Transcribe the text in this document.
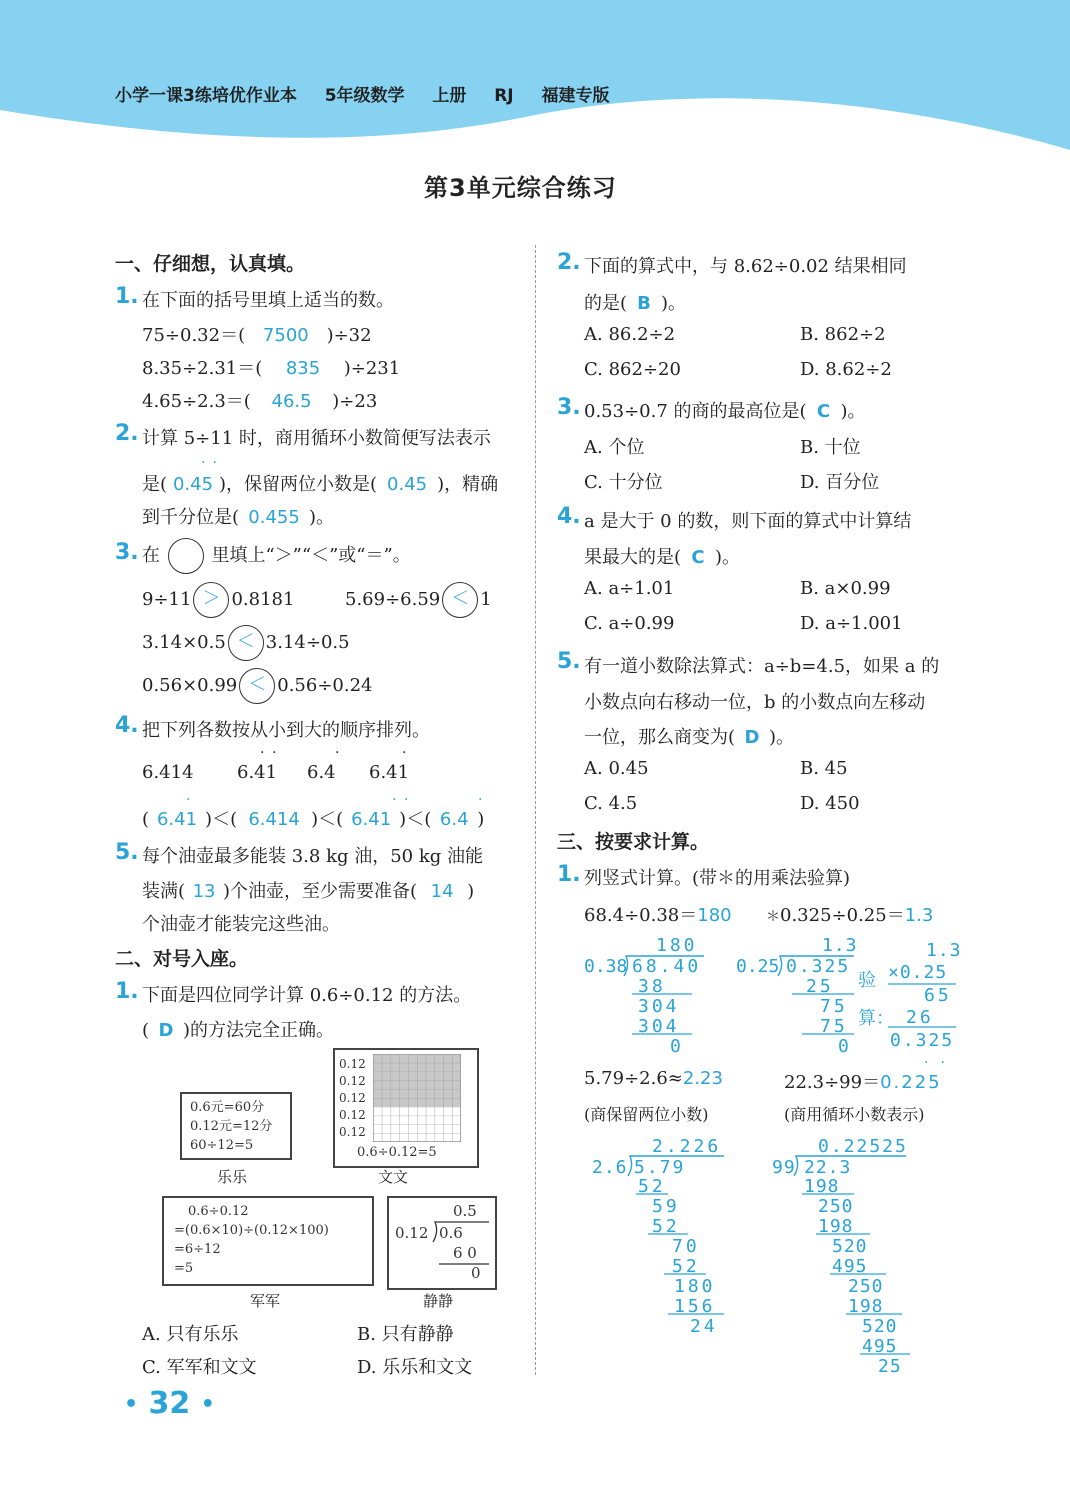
小学一课3练培优作业本 5年级数学 上册 RJ 福建专版
第3单元综合练习
一、仔细想，认真填。
1. 在下面的括号里填上适当的数。
75÷0.32＝( 7500 )÷32
8.35÷2.31＝( 835 )÷231
4.65÷2.3＝( 46.5 )÷23
2. 计算 5÷11 时，商用循环小数简便写法表示
··
是( 0.45 )，保留两位小数是( 0.45 )，精确
到千分位是( 0.455 )。
3. 在	里填上“＞”“＜”或“＝”。
9÷11 ＞ 0.8181	5.69÷6.59 ＜ 1
3.14×0.5 ＜ 3.14÷0.5
0.56×0.99 ＜ 0.56÷0.24
4. 把下列各数按从小到大的顺序排列。
· ·	·	·
6.414 6.41 6.4 6.41
·	· ·	·
( 6.41 )＜( 6.414 )＜( 6.41 )＜( 6.4 )
5. 每个油壶最多能装 3.8 kg 油，50 kg 油能
装满( 13 )个油壶，至少需要准备( 14 )
个油壶才能装完这些油。
二、对号入座。
1. 下面是四位同学计算 0.6÷0.12 的方法。
( D )的方法完全正确。
0.6元=60分
0.12元=12分
60÷12=5
乐乐
0.12
0.12
0.12
0.12
0.12
0.6÷0.12=5
文文
0.6÷0.12
=(0.6×10)÷(0.12×100)
=6÷12
=5
军军
0.5
0.12 0.6
6 0
0
静静
A. 只有乐乐	B. 只有静静
C. 军军和文文	D. 乐乐和文文
• 32 •
2. 下面的算式中，与 8.62÷0.02 结果相同
的是( B )。
A. 86.2÷2	B. 862÷2
C. 862÷20	D. 8.62÷2
3. 0.53÷0.7 的商的最高位是( C )。
A. 个位	B. 十位
C. 十分位	D. 百分位
4. a 是大于 0 的数，则下面的算式中计算结
果最大的是( C )。
A. a÷1.01	B. a×0.99
C. a÷0.99	D. a÷1.001
5. 有一道小数除法算式：a÷b=4.5，如果 a 的
小数点向右移动一位，b 的小数点向左移动
一位，那么商变为( D )。
A. 0.45	B. 45
C. 4.5	D. 450
三、按要求计算。
1. 列竖式计算。(带＊的用乘法验算)
68.4÷0.38＝180 ＊0.325÷0.25＝1.3
180
0.38 68.40
38
304
304
0
1.3
0.25 0.325
25
75
75
0
验
算：
1.3
×0.25
65
26
0.325
5.79÷2.6≈2.23
··
22.3÷99＝0.225
(商保留两位小数)	(商用循环小数表示)
2.226
2.6 5.79
52
59
52
70
52
180
156
24
0.22525
99 22.3
198
250
198
520
495
250
198
520
495
25
